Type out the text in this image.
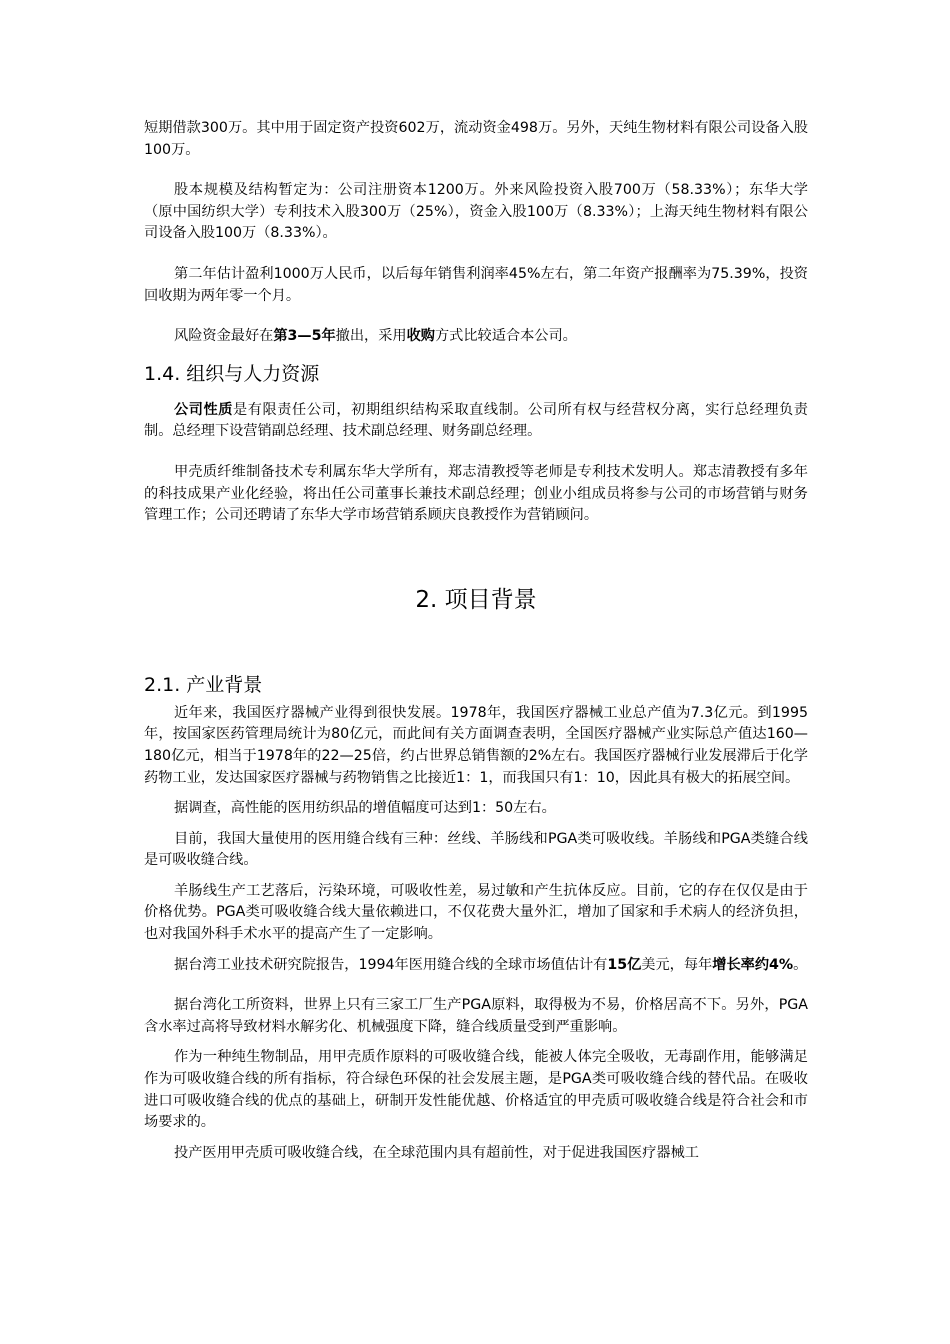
短期借款300万。其中用于固定资产投资602万，流动资金498万。另外，天纯生物材料有限公司设备入股100万。

股本规模及结构暂定为：公司注册资本1200万。外来风险投资入股700万（58.33%）；东华大学（原中国纺织大学）专利技术入股300万（25%），资金入股100万（8.33%）；上海天纯生物材料有限公司设备入股100万（8.33%）。

第二年估计盈利1000万人民币，以后每年销售利润率45%左右，第二年资产报酬率为75.39%，投资回收期为两年零一个月。

风险资金最好在第3—5年撤出，采用收购方式比较适合本公司。

1.4. 组织与人力资源

公司性质是有限责任公司，初期组织结构采取直线制。公司所有权与经营权分离，实行总经理负责制。总经理下设营销副总经理、技术副总经理、财务副总经理。

甲壳质纤维制备技术专利属东华大学所有，郑志清教授等老师是专利技术发明人。郑志清教授有多年的科技成果产业化经验，将出任公司董事长兼技术副总经理；创业小组成员将参与公司的市场营销与财务管理工作；公司还聘请了东华大学市场营销系顾庆良教授作为营销顾问。

2. 项目背景
2.1. 产业背景

近年来，我国医疗器械产业得到很快发展。1978年，我国医疗器械工业总产值为7.3亿元。到1995年，按国家医药管理局统计为80亿元，而此间有关方面调查表明，全国医疗器械产业实际总产值达160—180亿元，相当于1978年的22—25倍，约占世界总销售额的2%左右。我国医疗器械行业发展滞后于化学药物工业，发达国家医疗器械与药物销售之比接近1：1，而我国只有1：10，因此具有极大的拓展空间。

据调查，高性能的医用纺织品的增值幅度可达到1：50左右。

目前，我国大量使用的医用缝合线有三种：丝线、羊肠线和PGA类可吸收线。羊肠线和PGA类缝合线是可吸收缝合线。

羊肠线生产工艺落后，污染环境，可吸收性差，易过敏和产生抗体反应。目前，它的存在仅仅是由于价格优势。PGA类可吸收缝合线大量依赖进口，不仅花费大量外汇，增加了国家和手术病人的经济负担，也对我国外科手术水平的提高产生了一定影响。

据台湾工业技术研究院报告，1994年医用缝合线的全球市场值估计有15亿美元，每年增长率约4%。

据台湾化工所资料，世界上只有三家工厂生产PGA原料，取得极为不易，价格居高不下。另外，PGA含水率过高将导致材料水解劣化、机械强度下降，缝合线质量受到严重影响。

作为一种纯生物制品，用甲壳质作原料的可吸收缝合线，能被人体完全吸收，无毒副作用，能够满足作为可吸收缝合线的所有指标，符合绿色环保的社会发展主题，是PGA类可吸收缝合线的替代品。在吸收进口可吸收缝合线的优点的基础上，研制开发性能优越、价格适宜的甲壳质可吸收缝合线是符合社会和市场要求的。

投产医用甲壳质可吸收缝合线，在全球范围内具有超前性，对于促进我国医疗器械工
